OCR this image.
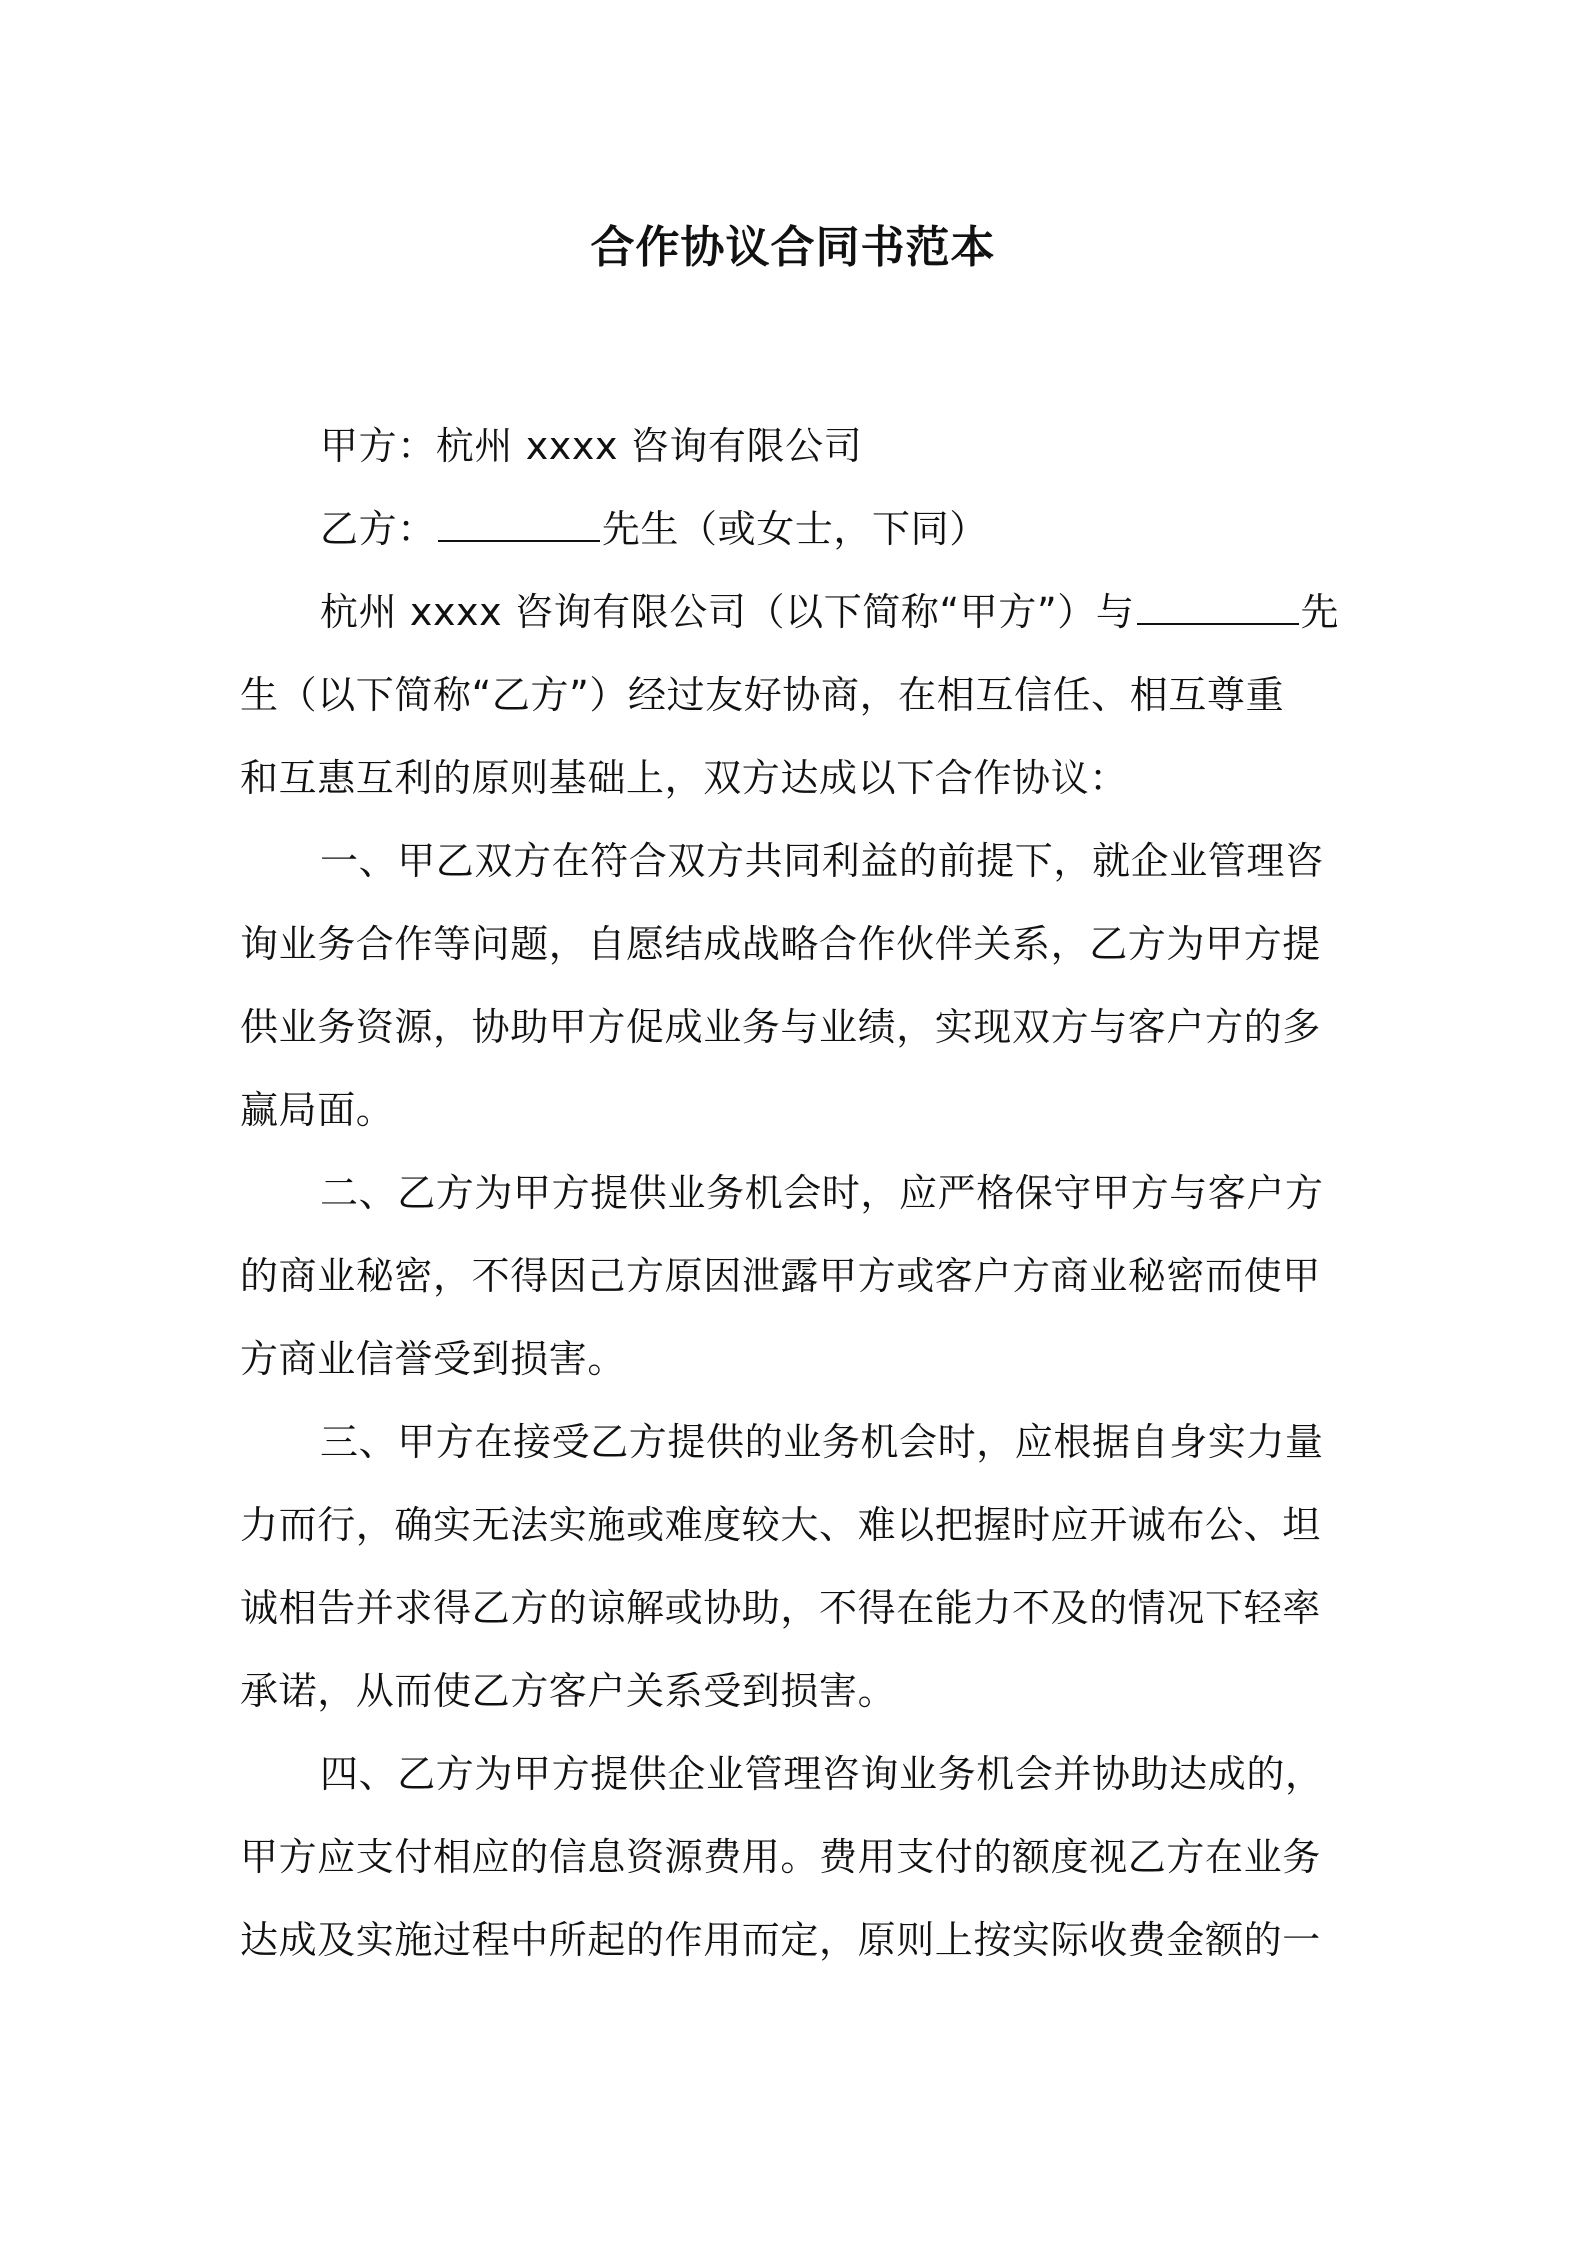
合作协议合同书范本
甲方：杭州 xxxx 咨询有限公司
乙方：	先生（或女士，下同）
杭州 xxxx 咨询有限公司（以下简称“甲方”）与	先
生（以下简称“乙方”）经过友好协商，在相互信任、相互尊重
和互惠互利的原则基础上，双方达成以下合作协议：
一、甲乙双方在符合双方共同利益的前提下，就企业管理咨
询业务合作等问题，自愿结成战略合作伙伴关系，乙方为甲方提
供业务资源，协助甲方促成业务与业绩，实现双方与客户方的多
赢局面。
二、乙方为甲方提供业务机会时，应严格保守甲方与客户方
的商业秘密，不得因己方原因泄露甲方或客户方商业秘密而使甲
方商业信誉受到损害。
三、甲方在接受乙方提供的业务机会时，应根据自身实力量
力而行，确实无法实施或难度较大、难以把握时应开诚布公、坦
诚相告并求得乙方的谅解或协助，不得在能力不及的情况下轻率
承诺，从而使乙方客户关系受到损害。
四、乙方为甲方提供企业管理咨询业务机会并协助达成的，
甲方应支付相应的信息资源费用。费用支付的额度视乙方在业务
达成及实施过程中所起的作用而定，原则上按实际收费金额的一
